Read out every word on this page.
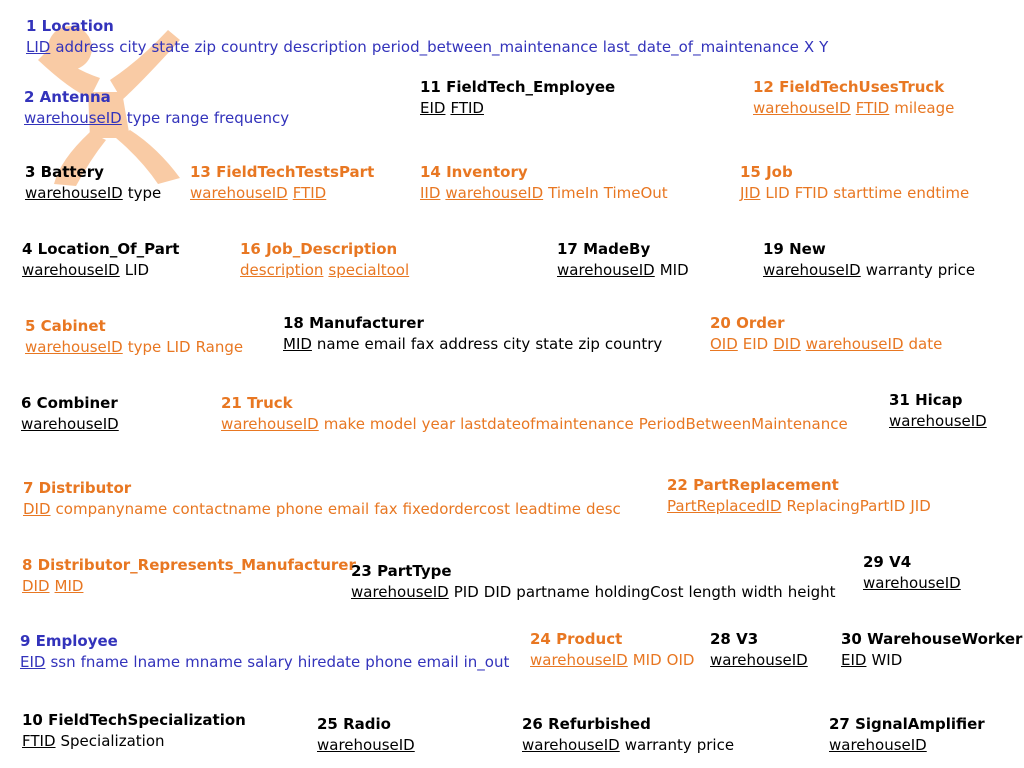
1 Location
LID address city state zip country description period_between_maintenance last_date_of_maintenance X Y
2 Antenna
warehouseID type range frequency
3 Battery
warehouseID type
4 Location_Of_Part
warehouseID LID
5 Cabinet
warehouseID type LID Range
6 Combiner
warehouseID
7 Distributor
DID companyname contactname phone email fax fixedordercost leadtime desc
8 Distributor_Represents_Manufacturer
DID MID
9 Employee
EID ssn fname lname mname salary hiredate phone email in_out
10 FieldTechSpecialization
FTID Specialization
11 FieldTech_Employee
EID FTID
12 FieldTechUsesTruck
warehouseID FTID mileage
13 FieldTechTestsPart
warehouseID FTID
14 Inventory
IID warehouseID TimeIn TimeOut
15 Job
JID LID FTID starttime endtime
16 Job_Description
description specialtool
17 MadeBy
warehouseID MID
18 Manufacturer
MID name email fax address city state zip country
19 New
warehouseID warranty price
20 Order
OID EID DID warehouseID date
21 Truck
warehouseID make model year lastdateofmaintenance PeriodBetweenMaintenance
22 PartReplacement
PartReplacedID ReplacingPartID JID
23 PartType
warehouseID PID DID partname holdingCost length width height
24 Product
warehouseID MID OID
25 Radio
warehouseID
26 Refurbished
warehouseID warranty price
27 SignalAmplifier
warehouseID
28 V3
warehouseID
29 V4
warehouseID
30 WarehouseWorker
EID WID
31 Hicap
warehouseID
